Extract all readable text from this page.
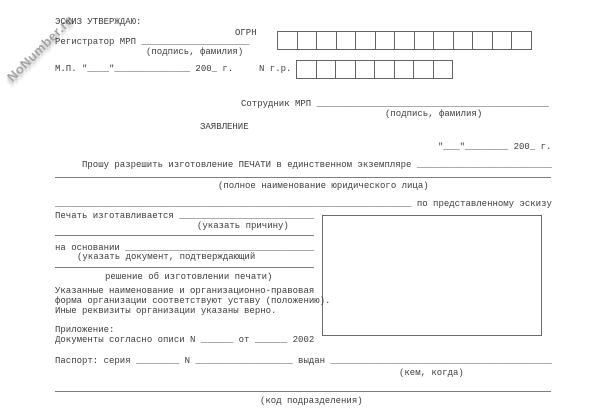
NoNumber.ru
ЭСКИЗ УТВЕРЖДАЮ:
ОГРН
Регистратор МРП ____________________
(подпись, фамилия)
М.П. "____"______________ 200_ г.	N г.р.
Сотрудник МРП ___________________________________________
(подпись, фамилия)
ЗАЯВЛЕНИЕ
"___"________ 200_ г.
Прошу разрешить изготовление ПЕЧАТИ в единственном экземпляре _________________________
(полное наименование юридического лица)
__________________________________________________________________ по представленному эскизу
Печать изготавливается _________________________
(указать причину)
на основании ___________________________________
(указать документ, подтверждающий
решение об изготовлении печати)
Указанные наименование и организационно-правовая
форма организации соответствуют уставу (положению).
Иные реквизиты организации указаны верно.
Приложение:
Документы согласно описи N ______ от ______ 2002
Паспорт: серия ________ N __________________ выдан _________________________________________
(кем, когда)
(код подразделения)
